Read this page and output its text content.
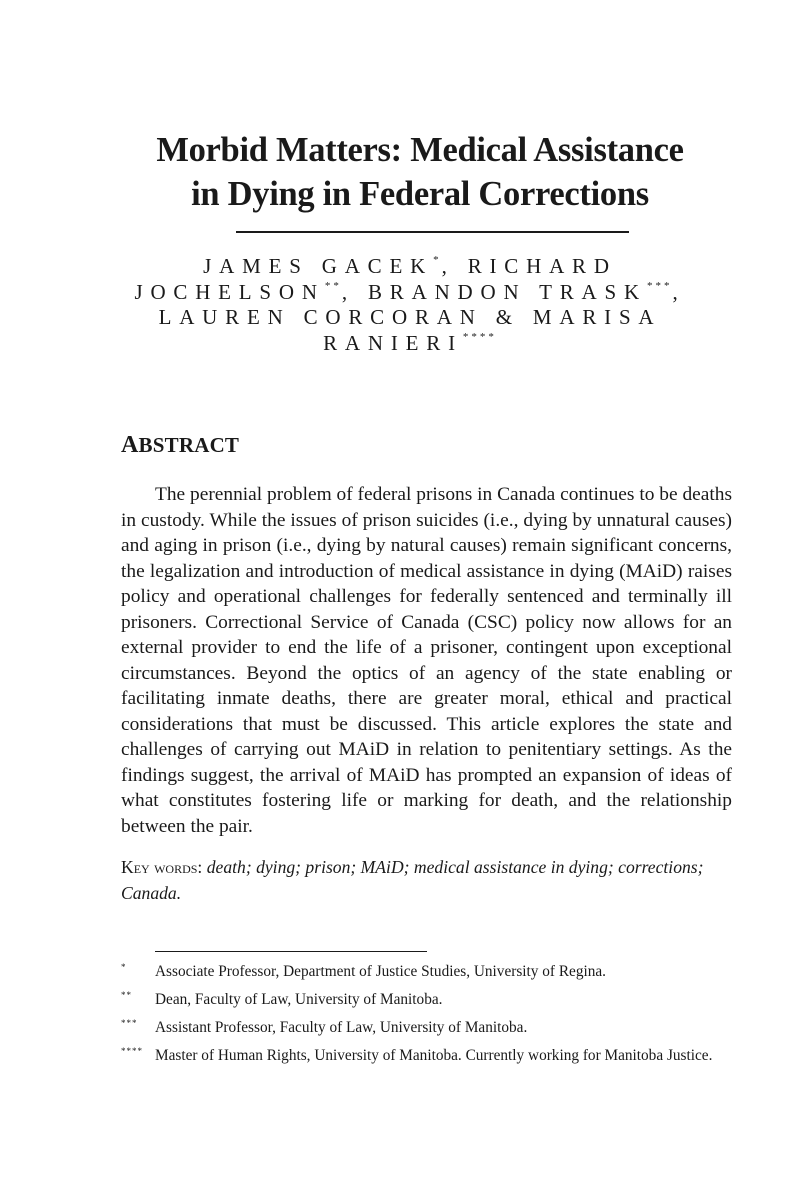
Morbid Matters: Medical Assistance
in Dying in Federal Corrections

JAMES GACEK*, RICHARD JOCHELSON**, BRANDON TRASK***, LAUREN CORCORAN & MARISA RANIERI****

ABSTRACT

The perennial problem of federal prisons in Canada continues to be deaths in custody. While the issues of prison suicides (i.e., dying by unnatural causes) and aging in prison (i.e., dying by natural causes) remain significant concerns, the legalization and introduction of medical assistance in dying (MAiD) raises policy and operational challenges for federally sentenced and terminally ill prisoners. Correctional Service of Canada (CSC) policy now allows for an external provider to end the life of a prisoner, contingent upon exceptional circumstances. Beyond the optics of an agency of the state enabling or facilitating inmate deaths, there are greater moral, ethical and practical considerations that must be discussed. This article explores the state and challenges of carrying out MAiD in relation to penitentiary settings. As the findings suggest, the arrival of MAiD has prompted an expansion of ideas of what constitutes fostering life or marking for death, and the relationship between the pair.

Key words: death; dying; prison; MAiD; medical assistance in dying; corrections; Canada.

* Associate Professor, Department of Justice Studies, University of Regina.
** Dean, Faculty of Law, University of Manitoba.
*** Assistant Professor, Faculty of Law, University of Manitoba.
**** Master of Human Rights, University of Manitoba. Currently working for Manitoba Justice.
